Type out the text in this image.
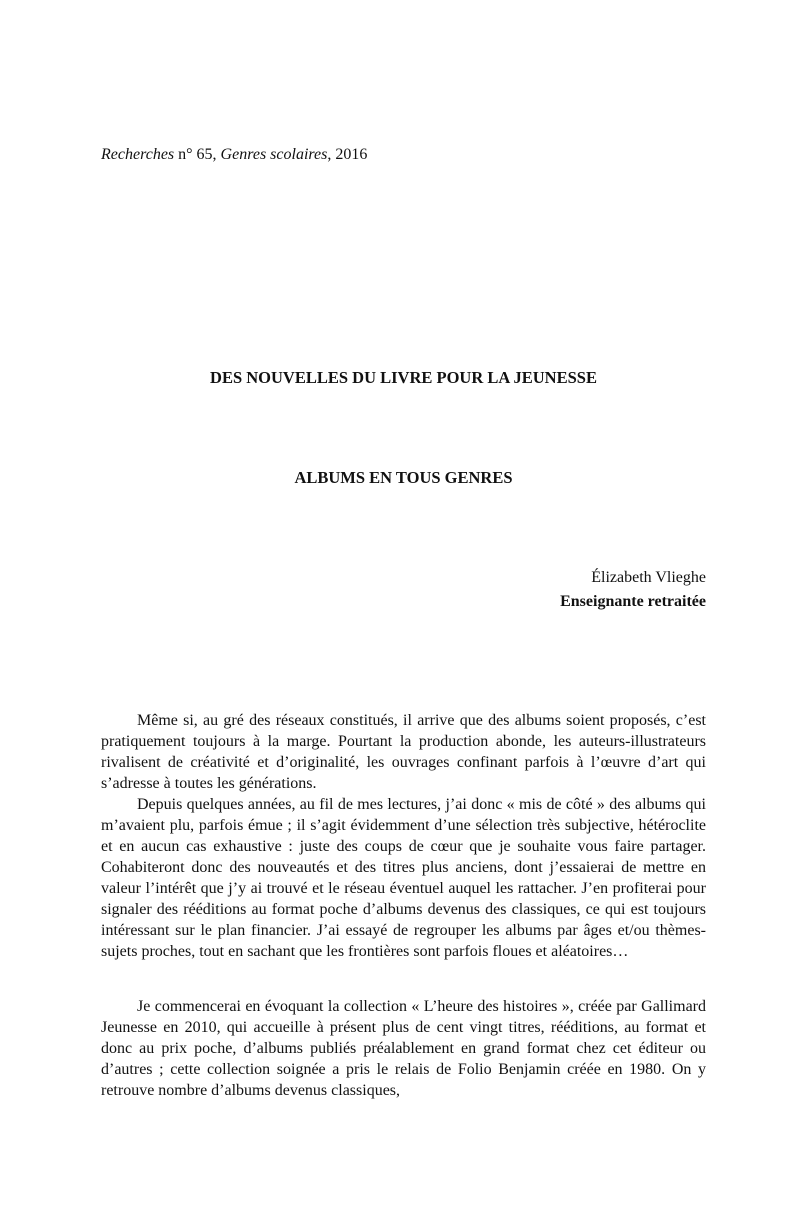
Recherches n° 65, Genres scolaires, 2016
DES NOUVELLES DU LIVRE POUR LA JEUNESSE
ALBUMS EN TOUS GENRES
Élizabeth Vlieghe
Enseignante retraitée

Même si, au gré des réseaux constitués, il arrive que des albums soient proposés, c’est pratiquement toujours à la marge. Pourtant la production abonde, les auteurs-illustrateurs rivalisent de créativité et d’originalité, les ouvrages confinant parfois à l’œuvre d’art qui s’adresse à toutes les générations.

Depuis quelques années, au fil de mes lectures, j’ai donc « mis de côté » des albums qui m’avaient plu, parfois émue ; il s’agit évidemment d’une sélection très subjective, hétéroclite et en aucun cas exhaustive : juste des coups de cœur que je souhaite vous faire partager. Cohabiteront donc des nouveautés et des titres plus anciens, dont j’essaierai de mettre en valeur l’intérêt que j’y ai trouvé et le réseau éventuel auquel les rattacher. J’en profiterai pour signaler des rééditions au format poche d’albums devenus des classiques, ce qui est toujours intéressant sur le plan financier. J’ai essayé de regrouper les albums par âges et/ou thèmes-sujets proches, tout en sachant que les frontières sont parfois floues et aléatoires…

Je commencerai en évoquant la collection « L’heure des histoires », créée par Gallimard Jeunesse en 2010, qui accueille à présent plus de cent vingt titres, rééditions, au format et donc au prix poche, d’albums publiés préalablement en grand format chez cet éditeur ou d’autres ; cette collection soignée a pris le relais de Folio Benjamin créée en 1980. On y retrouve nombre d’albums devenus classiques,
